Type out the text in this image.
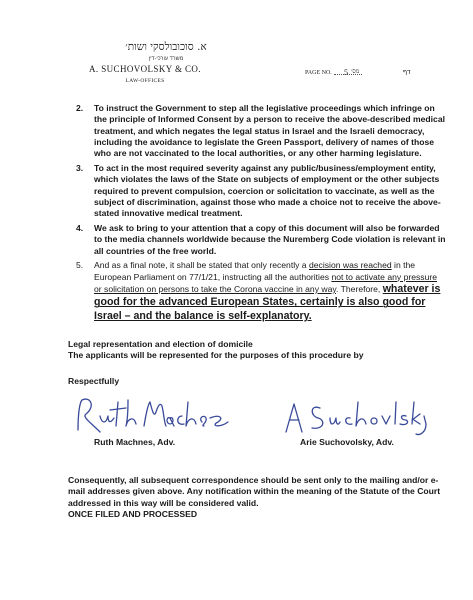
א. סוכובולסקי ושות׳
משרד עורכי-דין
A. SUCHOVOLSKY & CO.
LAW-OFFICES
PAGE NO. 5 מס׳	דף
2. To instruct the Government to step all the legislative proceedings which infringe on the principle of Informed Consent by a person to receive the above-described medical treatment, and which negates the legal status in Israel and the Israeli democracy, including the avoidance to legislate the Green Passport, delivery of names of those who are not vaccinated to the local authorities, or any other harming legislature.
3. To act in the most required severity against any public/business/employment entity, which violates the laws of the State on subjects of employment or the other subjects required to prevent compulsion, coercion or solicitation to vaccinate, as well as the subject of discrimination, against those who made a choice not to receive the above-stated innovative medical treatment.
4. We ask to bring to your attention that a copy of this document will also be forwarded to the media channels worldwide because the Nuremberg Code violation is relevant in all countries of the free world.
5. And as a final note, it shall be stated that only recently a decision was reached in the European Parliament on 77/1/21, instructing all the authorities not to activate any pressure or solicitation on persons to take the Corona vaccine in any way. Therefore, whatever is good for the advanced European States, certainly is also good for Israel – and the balance is self-explanatory.
Legal representation and election of domicile
The applicants will be represented for the purposes of this procedure by
Respectfully
Ruth Machnes, Adv.	Arie Suchovolsky, Adv.
Consequently, all subsequent correspondence should be sent only to the mailing and/or e-mail addresses given above. Any notification within the meaning of the Statute of the Court addressed in this way will be considered valid.
ONCE FILED AND PROCESSED
